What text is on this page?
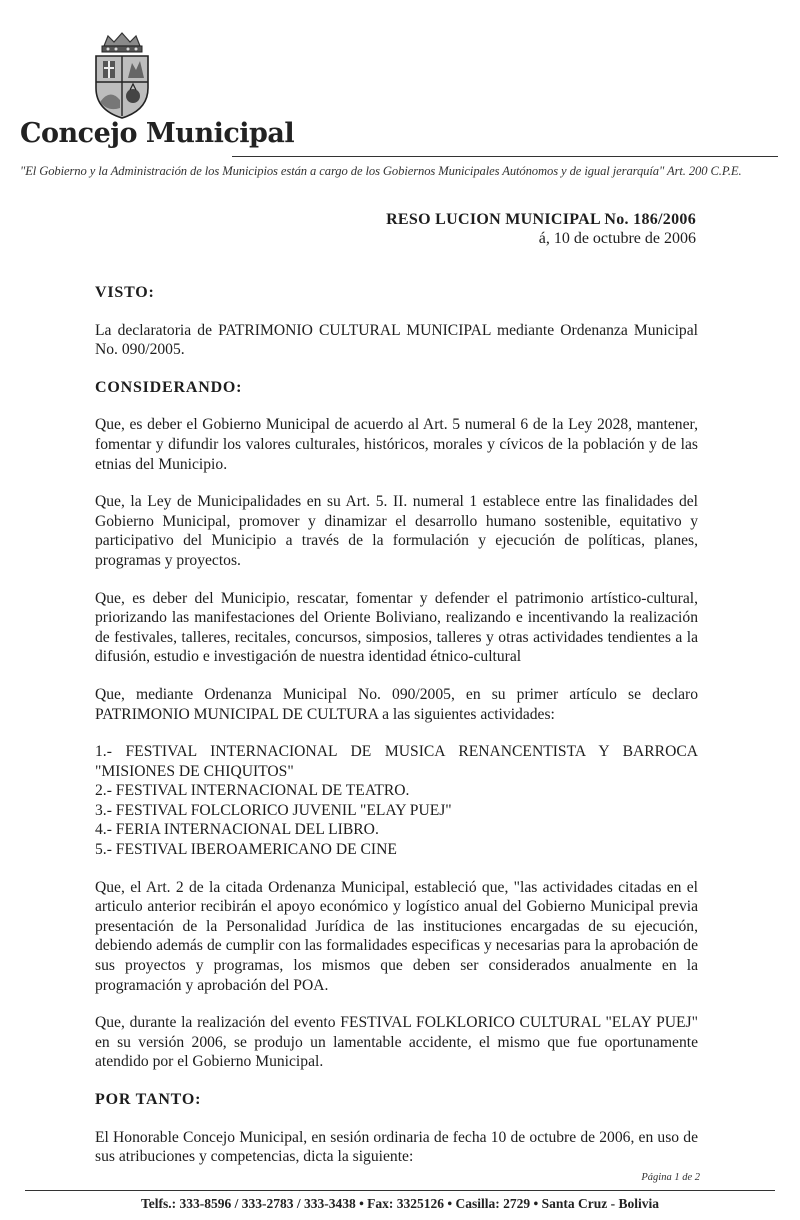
Concejo Municipal
"El Gobierno y la Administración de los Municipios están a cargo de los Gobiernos Municipales Autónomos y de igual jerarquía" Art. 200 C.P.E.
RESO LUCION MUNICIPAL No. 186/2006
á, 10 de octubre de 2006
VISTO:

La declaratoria de PATRIMONIO CULTURAL MUNICIPAL mediante Ordenanza Municipal No. 090/2005.

CONSIDERANDO:

Que, es deber el Gobierno Municipal de acuerdo al Art. 5 numeral 6 de la Ley 2028, mantener, fomentar y difundir los valores culturales, históricos, morales y cívicos de la población y de las etnias del Municipio.

Que, la Ley de Municipalidades en su Art. 5. II. numeral 1 establece entre las finalidades del Gobierno Municipal, promover y dinamizar el desarrollo humano sostenible, equitativo y participativo del Municipio a través de la formulación y ejecución de políticas, planes, programas y proyectos.

Que, es deber del Municipio, rescatar, fomentar y defender el patrimonio artístico-cultural, priorizando las manifestaciones del Oriente Boliviano, realizando e incentivando la realización de festivales, talleres, recitales, concursos, simposios, talleres y otras actividades tendientes a la difusión, estudio e investigación de nuestra identidad étnico-cultural

Que, mediante Ordenanza Municipal No. 090/2005, en su primer artículo se declaro PATRIMONIO MUNICIPAL DE CULTURA a las siguientes actividades:

1.- FESTIVAL INTERNACIONAL DE MUSICA RENANCENTISTA Y BARROCA "MISIONES DE CHIQUITOS"
2.- FESTIVAL INTERNACIONAL DE TEATRO.
3.- FESTIVAL FOLCLORICO JUVENIL "ELAY PUEJ"
4.- FERIA INTERNACIONAL DEL LIBRO.
5.- FESTIVAL IBEROAMERICANO DE CINE

Que, el Art. 2 de la citada Ordenanza Municipal, estableció que, "las actividades citadas en el articulo anterior recibirán el apoyo económico y logístico anual del Gobierno Municipal previa presentación de la Personalidad Jurídica de las instituciones encargadas de su ejecución, debiendo además de cumplir con las formalidades especificas y necesarias para la aprobación de sus proyectos y programas, los mismos que deben ser considerados anualmente en la programación y aprobación del POA.

Que, durante la realización del evento FESTIVAL FOLKLORICO CULTURAL "ELAY PUEJ" en su versión 2006, se produjo un lamentable accidente, el mismo que fue oportunamente atendido por el Gobierno Municipal.

POR TANTO:

El Honorable Concejo Municipal, en sesión ordinaria de fecha 10 de octubre de 2006, en uso de sus atribuciones y competencias, dicta la siguiente:

Página 1 de 2
Telfs.: 333-8596 / 333-2783 / 333-3438 • Fax: 3325126 • Casilla: 2729 • Santa Cruz - Bolivia
